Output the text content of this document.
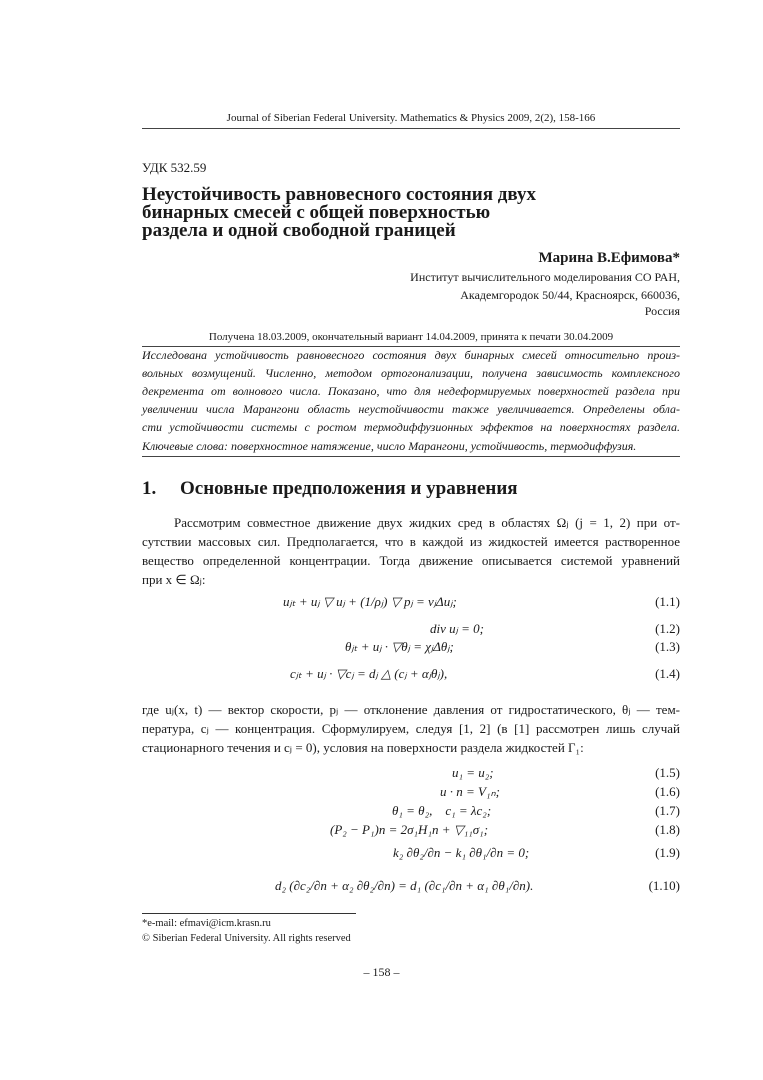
Journal of Siberian Federal University. Mathematics & Physics 2009, 2(2), 158-166
УДК 532.59
Неустойчивость равновесного состояния двух
бинарных смесей с общей поверхностью
раздела и одной свободной границей
Марина В.Ефимова*
Институт вычислительного моделирования СО РАН,
Академгородок 50/44, Красноярск, 660036,
Россия
Получена 18.03.2009, окончательный вариант 14.04.2009, принята к печати 30.04.2009
Исследована устойчивость равновесного состояния двух бинарных смесей относительно произ-
вольных возмущений. Численно, методом ортогонализации, получена зависимость комплексного
декремента от волнового числа. Показано, что для недеформируемых поверхностей раздела при
увеличении числа Марангони область неустойчивости также увеличивается. Определены обла-
сти устойчивости системы с ростом термодиффузионных эффектов на поверхностях раздела.
Ключевые слова: поверхностное натяжение, число Марангони, устойчивость, термодиффузия.
1. Основные предположения и уравнения
Рассмотрим совместное движение двух жидких сред в областях Ωⱼ (j = 1, 2) при от-
сутствии массовых сил. Предполагается, что в каждой из жидкостей имеется растворенное
вещество определенной концентрации. Тогда движение описывается системой уравнений
при x ∈ Ωⱼ:
uⱼₜ + uⱼ ▽ uⱼ + (1/ρⱼ) ▽ pⱼ = νⱼΔuⱼ;	(1.1)
div uⱼ = 0;	(1.2)
θⱼₜ + uⱼ · ▽θⱼ = χⱼΔθⱼ;	(1.3)
cⱼₜ + uⱼ · ▽cⱼ = dⱼ △ (cⱼ + αⱼθⱼ),	(1.4)
где uⱼ(x, t) — вектор скорости, pⱼ — отклонение давления от гидростатического, θⱼ — тем-
пература, cⱼ — концентрация. Сформулируем, следуя [1, 2] (в [1] рассмотрен лишь случай
стационарного течения и cⱼ = 0), условия на поверхности раздела жидкостей Γ₁:
u₁ = u₂;	(1.5)
u · n = V₁ₙ;	(1.6)
θ₁ = θ₂,    c₁ = λc₂;	(1.7)
(P₂ − P₁)n = 2σ₁H₁n + ▽₁₁σ₁;	(1.8)
k₂ ∂θ₂/∂n − k₁ ∂θ₁/∂n = 0;	(1.9)
d₂ (∂c₂/∂n + α₂ ∂θ₂/∂n) = d₁ (∂c₁/∂n + α₁ ∂θ₁/∂n).	(1.10)
*e-mail: efmavi@icm.krasn.ru
© Siberian Federal University. All rights reserved
– 158 –
